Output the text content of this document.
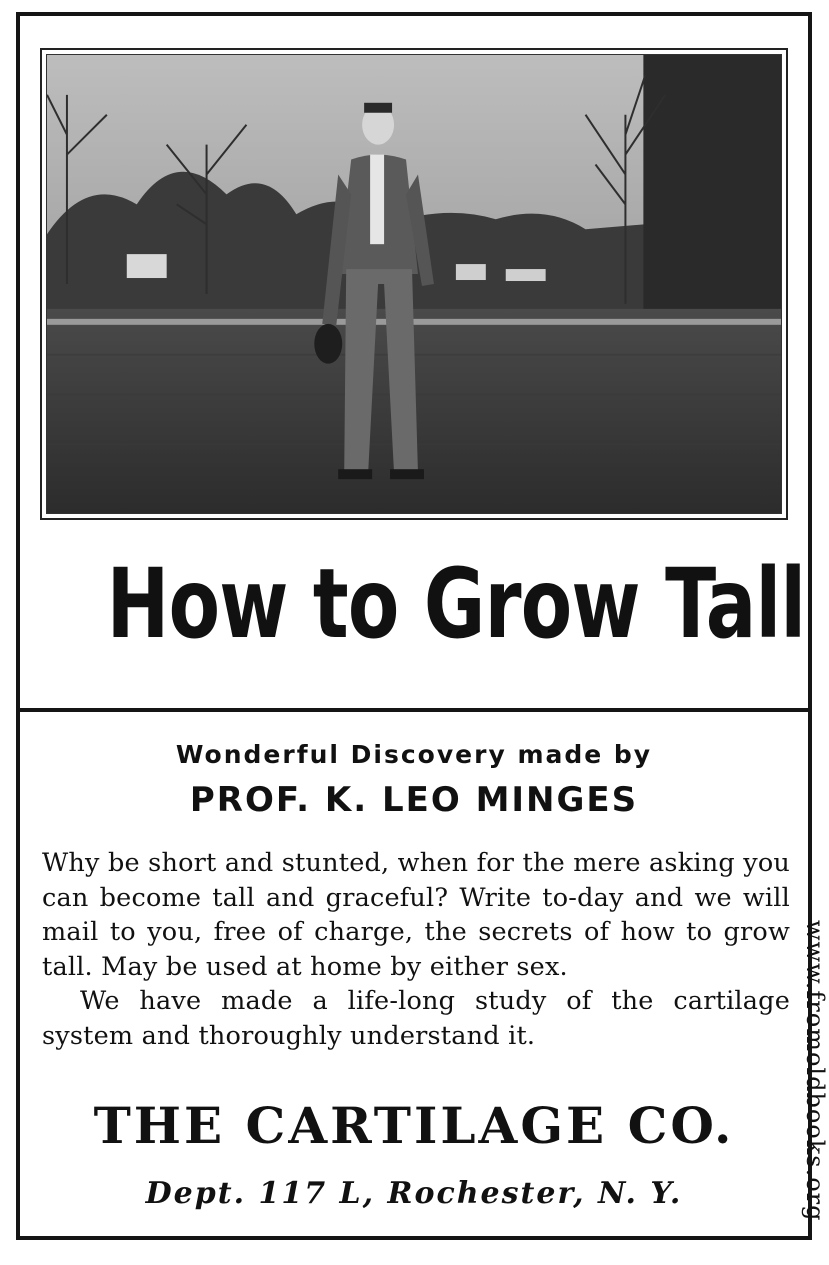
How to Grow Tall
Wonderful Discovery made by
PROF. K. LEO MINGES

Why be short and stunted, when for the mere asking you can become tall and graceful? Write to-day and we will mail to you, free of charge, the secrets of how to grow tall. May be used at home by either sex.

We have made a life-long study of the cartilage system and thoroughly understand it.

THE CARTILAGE CO.
Dept. 117 L, Rochester, N. Y.	www.fromoldbooks.org
